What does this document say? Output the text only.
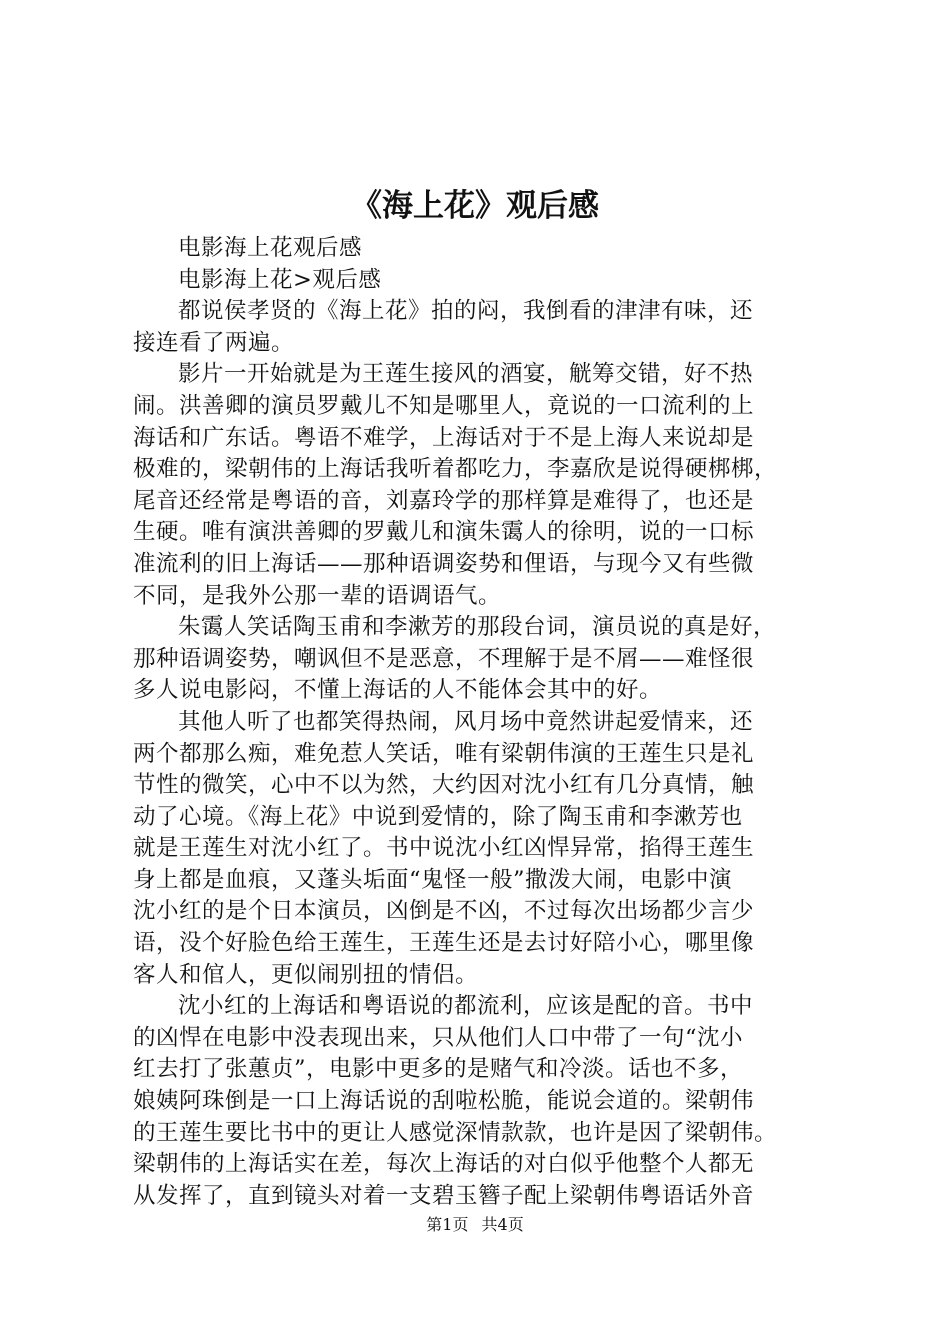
《海上花》观后感

电影海上花观后感

电影海上花>观后感

都说侯孝贤的《海上花》拍的闷，我倒看的津津有味，还
接连看了两遍。

影片一开始就是为王莲生接风的酒宴，觥筹交错，好不热
闹。洪善卿的演员罗戴儿不知是哪里人，竟说的一口流利的上
海话和广东话。粤语不难学，上海话对于不是上海人来说却是
极难的，梁朝伟的上海话我听着都吃力，李嘉欣是说得硬梆梆，
尾音还经常是粤语的音，刘嘉玲学的那样算是难得了，也还是
生硬。唯有演洪善卿的罗戴儿和演朱霭人的徐明，说的一口标
准流利的旧上海话——那种语调姿势和俚语，与现今又有些微
不同，是我外公那一辈的语调语气。

朱霭人笑话陶玉甫和李漱芳的那段台词，演员说的真是好，
那种语调姿势，嘲讽但不是恶意，不理解于是不屑——难怪很
多人说电影闷，不懂上海话的人不能体会其中的好。

其他人听了也都笑得热闹，风月场中竟然讲起爱情来，还
两个都那么痴，难免惹人笑话，唯有梁朝伟演的王莲生只是礼
节性的微笑，心中不以为然，大约因对沈小红有几分真情，触
动了心境。《海上花》中说到爱情的，除了陶玉甫和李漱芳也
就是王莲生对沈小红了。书中说沈小红凶悍异常，掐得王莲生
身上都是血痕，又蓬头垢面“鬼怪一般”撒泼大闹，电影中演
沈小红的是个日本演员，凶倒是不凶，不过每次出场都少言少
语，没个好脸色给王莲生，王莲生还是去讨好陪小心，哪里像
客人和倌人，更似闹别扭的情侣。

沈小红的上海话和粤语说的都流利，应该是配的音。书中
的凶悍在电影中没表现出来，只从他们人口中带了一句“沈小
红去打了张蕙贞”，电影中更多的是赌气和冷淡。话也不多，
娘姨阿珠倒是一口上海话说的刮啦松脆，能说会道的。梁朝伟
的王莲生要比书中的更让人感觉深情款款，也许是因了梁朝伟。
梁朝伟的上海话实在差，每次上海话的对白似乎他整个人都无
从发挥了，直到镜头对着一支碧玉簪子配上梁朝伟粤语话外音

第1页 共4页
